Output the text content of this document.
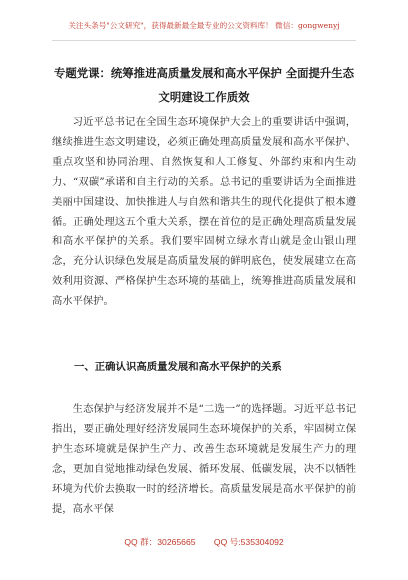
关注头条号"公文研究"，获得最新最全最专业的公文资料库！ 微信：gongwenyj
专题党课：统筹推进高质量发展和高水平保护 全面提升生态文明建设工作质效

习近平总书记在全国生态环境保护大会上的重要讲话中强调，继续推进生态文明建设，必须正确处理高质量发展和高水平保护、重点攻坚和协同治理、自然恢复和人工修复、外部约束和内生动力、“双碳”承诺和自主行动的关系。总书记的重要讲话为全面推进美丽中国建设、加快推进人与自然和谐共生的现代化提供了根本遵循。正确处理这五个重大关系，摆在首位的是正确处理高质量发展和高水平保护的关系。我们要牢固树立绿水青山就是金山银山理念，充分认识绿色发展是高质量发展的鲜明底色，使发展建立在高效利用资源、严格保护生态环境的基础上，统筹推进高质量发展和高水平保护。

一、正确认识高质量发展和高水平保护的关系

生态保护与经济发展并不是“二选一”的选择题。习近平总书记指出，要正确处理好经济发展同生态环境保护的关系，牢固树立保护生态环境就是保护生产力、改善生态环境就是发展生产力的理念，更加自觉地推动绿色发展、循环发展、低碳发展，决不以牺牲环境为代价去换取一时的经济增长。高质量发展是高水平保护的前提，高水平保

QQ 群：30265665 QQ 号:535304092
